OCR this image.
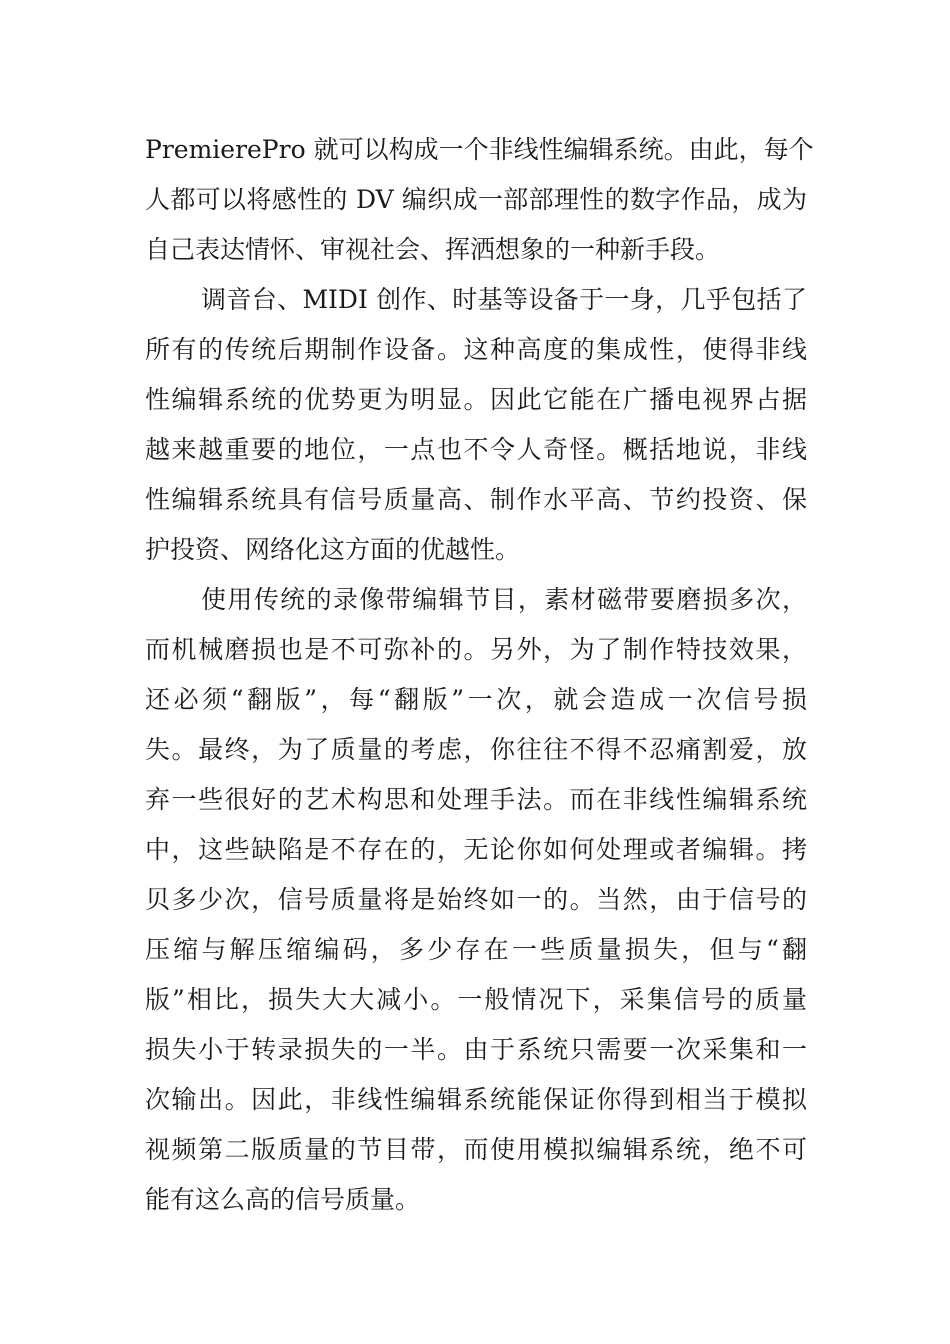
PremierePro 就可以构成一个非线性编辑系统。由此，每个
人都可以将感性的 DV 编织成一部部理性的数字作品，成为
自己表达情怀、审视社会、挥洒想象的一种新手段。
调音台、MIDI 创作、时基等设备于一身，几乎包括了
所有的传统后期制作设备。这种高度的集成性，使得非线
性编辑系统的优势更为明显。因此它能在广播电视界占据
越来越重要的地位，一点也不令人奇怪。概括地说，非线
性编辑系统具有信号质量高、制作水平高、节约投资、保
护投资、网络化这方面的优越性。
使用传统的录像带编辑节目，素材磁带要磨损多次，
而机械磨损也是不可弥补的。另外，为了制作特技效果，
还必须“翻版”，每“翻版”一次，就会造成一次信号损
失。最终，为了质量的考虑，你往往不得不忍痛割爱，放
弃一些很好的艺术构思和处理手法。而在非线性编辑系统
中，这些缺陷是不存在的，无论你如何处理或者编辑。拷
贝多少次，信号质量将是始终如一的。当然，由于信号的
压缩与解压缩编码，多少存在一些质量损失，但与“翻
版”相比，损失大大减小。一般情况下，采集信号的质量
损失小于转录损失的一半。由于系统只需要一次采集和一
次输出。因此，非线性编辑系统能保证你得到相当于模拟
视频第二版质量的节目带，而使用模拟编辑系统，绝不可
能有这么高的信号质量。
